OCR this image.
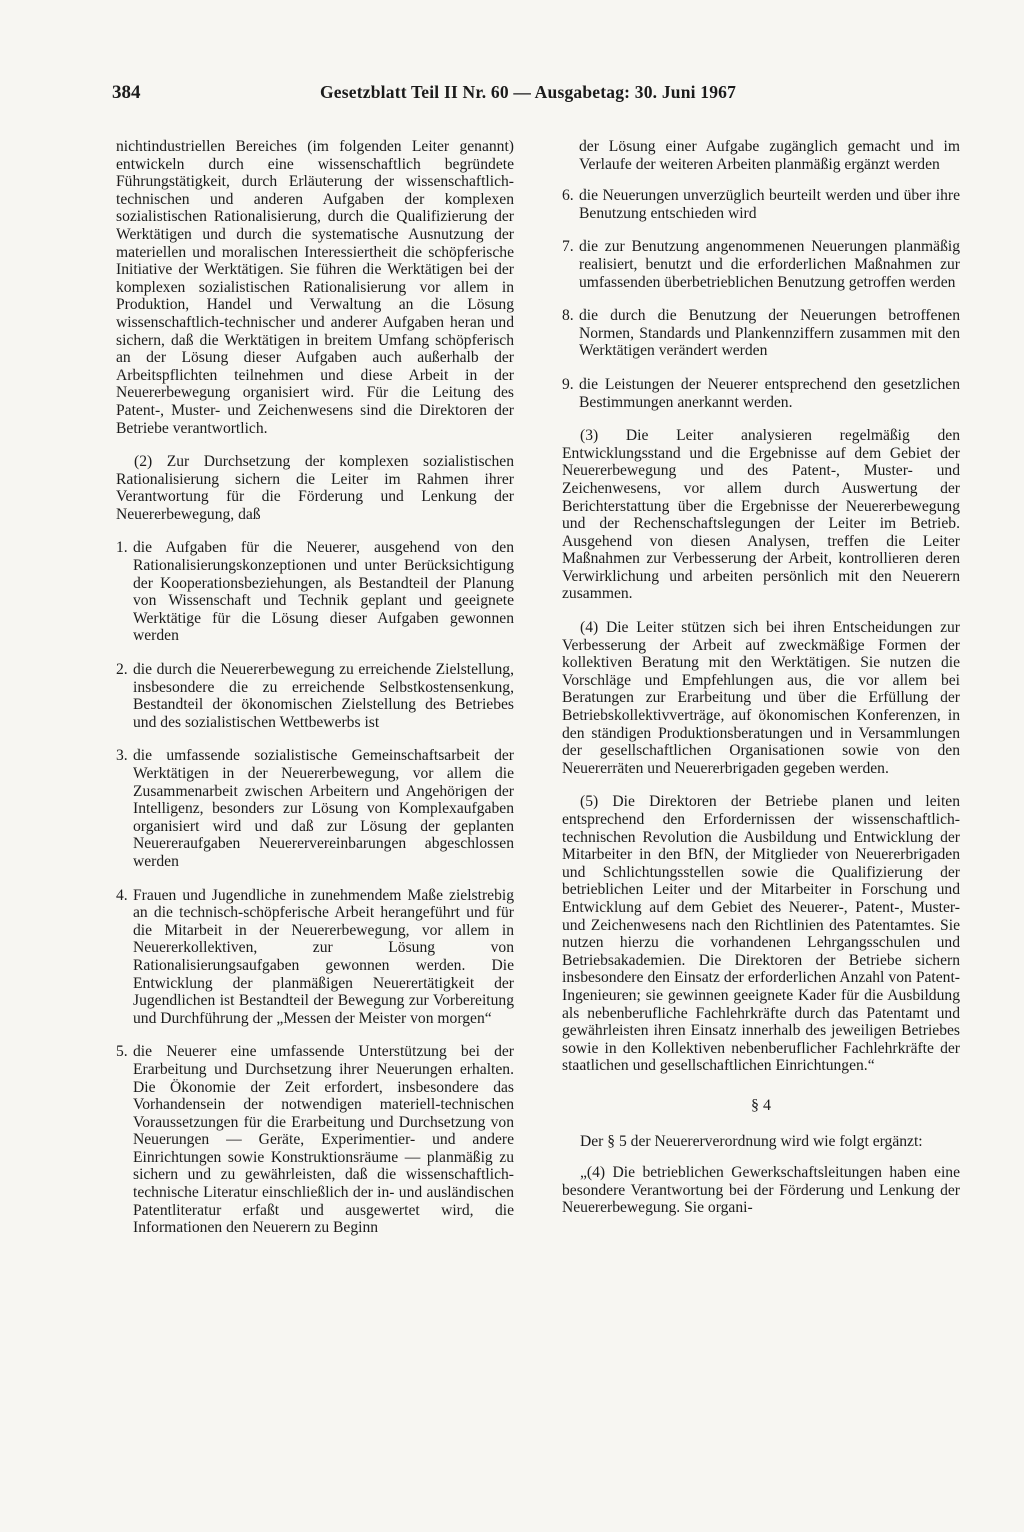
384	Gesetzblatt Teil II Nr. 60 — Ausgabetag: 30. Juni 1967

nichtindustriellen Bereiches (im folgenden Leiter genannt) entwickeln durch eine wissenschaftlich begründete Führungstätigkeit, durch Erläuterung der wissenschaftlich-technischen und anderen Aufgaben der komplexen sozialistischen Rationalisierung, durch die Qualifizierung der Werktätigen und durch die systematische Ausnutzung der materiellen und moralischen Interessiertheit die schöpferische Initiative der Werktätigen. Sie führen die Werktätigen bei der komplexen sozialistischen Rationalisierung vor allem in Produktion, Handel und Verwaltung an die Lösung wissenschaftlich-technischer und anderer Aufgaben heran und sichern, daß die Werktätigen in breitem Umfang schöpferisch an der Lösung dieser Aufgaben auch außerhalb der Arbeitspflichten teilnehmen und diese Arbeit in der Neuererbewegung organisiert wird. Für die Leitung des Patent-, Muster- und Zeichenwesens sind die Direktoren der Betriebe verantwortlich.

(2) Zur Durchsetzung der komplexen sozialistischen Rationalisierung sichern die Leiter im Rahmen ihrer Verantwortung für die Förderung und Lenkung der Neuererbewegung, daß

1. die Aufgaben für die Neuerer, ausgehend von den Rationalisierungskonzeptionen und unter Berücksichtigung der Kooperationsbeziehungen, als Bestandteil der Planung von Wissenschaft und Technik geplant und geeignete Werktätige für die Lösung dieser Aufgaben gewonnen werden
2. die durch die Neuererbewegung zu erreichende Zielstellung, insbesondere die zu erreichende Selbstkostensenkung, Bestandteil der ökonomischen Zielstellung des Betriebes und des sozialistischen Wettbewerbs ist
3. die umfassende sozialistische Gemeinschaftsarbeit der Werktätigen in der Neuererbewegung, vor allem die Zusammenarbeit zwischen Arbeitern und Angehörigen der Intelligenz, besonders zur Lösung von Komplexaufgaben organisiert wird und daß zur Lösung der geplanten Neuereraufgaben Neuerervereinbarungen abgeschlossen werden
4. Frauen und Jugendliche in zunehmendem Maße zielstrebig an die technisch-schöpferische Arbeit herangeführt und für die Mitarbeit in der Neuererbewegung, vor allem in Neuererkollektiven, zur Lösung von Rationalisierungsaufgaben gewonnen werden. Die Entwicklung der planmäßigen Neuerertätigkeit der Jugendlichen ist Bestandteil der Bewegung zur Vorbereitung und Durchführung der „Messen der Meister von morgen“
5. die Neuerer eine umfassende Unterstützung bei der Erarbeitung und Durchsetzung ihrer Neuerungen erhalten. Die Ökonomie der Zeit erfordert, insbesondere das Vorhandensein der notwendigen materiell-technischen Voraussetzungen für die Erarbeitung und Durchsetzung von Neuerungen — Geräte, Experimentier- und andere Einrichtungen sowie Konstruktionsräume — planmäßig zu sichern und zu gewährleisten, daß die wissenschaftlich-technische Literatur einschließlich der in- und ausländischen Patentliteratur erfaßt und ausgewertet wird, die Informationen den Neuerern zu Beginn

der Lösung einer Aufgabe zugänglich gemacht und im Verlaufe der weiteren Arbeiten planmäßig ergänzt werden

6. die Neuerungen unverzüglich beurteilt werden und über ihre Benutzung entschieden wird
7. die zur Benutzung angenommenen Neuerungen planmäßig realisiert, benutzt und die erforderlichen Maßnahmen zur umfassenden überbetrieblichen Benutzung getroffen werden
8. die durch die Benutzung der Neuerungen betroffenen Normen, Standards und Plankennziffern zusammen mit den Werktätigen verändert werden
9. die Leistungen der Neuerer entsprechend den gesetzlichen Bestimmungen anerkannt werden.

(3) Die Leiter analysieren regelmäßig den Entwicklungsstand und die Ergebnisse auf dem Gebiet der Neuererbewegung und des Patent-, Muster- und Zeichenwesens, vor allem durch Auswertung der Berichterstattung über die Ergebnisse der Neuererbewegung und der Rechenschaftslegungen der Leiter im Betrieb. Ausgehend von diesen Analysen, treffen die Leiter Maßnahmen zur Verbesserung der Arbeit, kontrollieren deren Verwirklichung und arbeiten persönlich mit den Neuerern zusammen.

(4) Die Leiter stützen sich bei ihren Entscheidungen zur Verbesserung der Arbeit auf zweckmäßige Formen der kollektiven Beratung mit den Werktätigen. Sie nutzen die Vorschläge und Empfehlungen aus, die vor allem bei Beratungen zur Erarbeitung und über die Erfüllung der Betriebskollektivverträge, auf ökonomischen Konferenzen, in den ständigen Produktionsberatungen und in Versammlungen der gesellschaftlichen Organisationen sowie von den Neuererräten und Neuererbrigaden gegeben werden.

(5) Die Direktoren der Betriebe planen und leiten entsprechend den Erfordernissen der wissenschaftlich-technischen Revolution die Ausbildung und Entwicklung der Mitarbeiter in den BfN, der Mitglieder von Neuererbrigaden und Schlichtungsstellen sowie die Qualifizierung der betrieblichen Leiter und der Mitarbeiter in Forschung und Entwicklung auf dem Gebiet des Neuerer-, Patent-, Muster- und Zeichenwesens nach den Richtlinien des Patentamtes. Sie nutzen hierzu die vorhandenen Lehrgangsschulen und Betriebsakademien. Die Direktoren der Betriebe sichern insbesondere den Einsatz der erforderlichen Anzahl von Patent-Ingenieuren; sie gewinnen geeignete Kader für die Ausbildung als nebenberufliche Fachlehrkräfte durch das Patentamt und gewährleisten ihren Einsatz innerhalb des jeweiligen Betriebes sowie in den Kollektiven nebenberuflicher Fachlehrkräfte der staatlichen und gesellschaftlichen Einrichtungen.“

§ 4

Der § 5 der Neuererverordnung wird wie folgt ergänzt:

„(4) Die betrieblichen Gewerkschaftsleitungen haben eine besondere Verantwortung bei der Förderung und Lenkung der Neuererbewegung. Sie organi-
